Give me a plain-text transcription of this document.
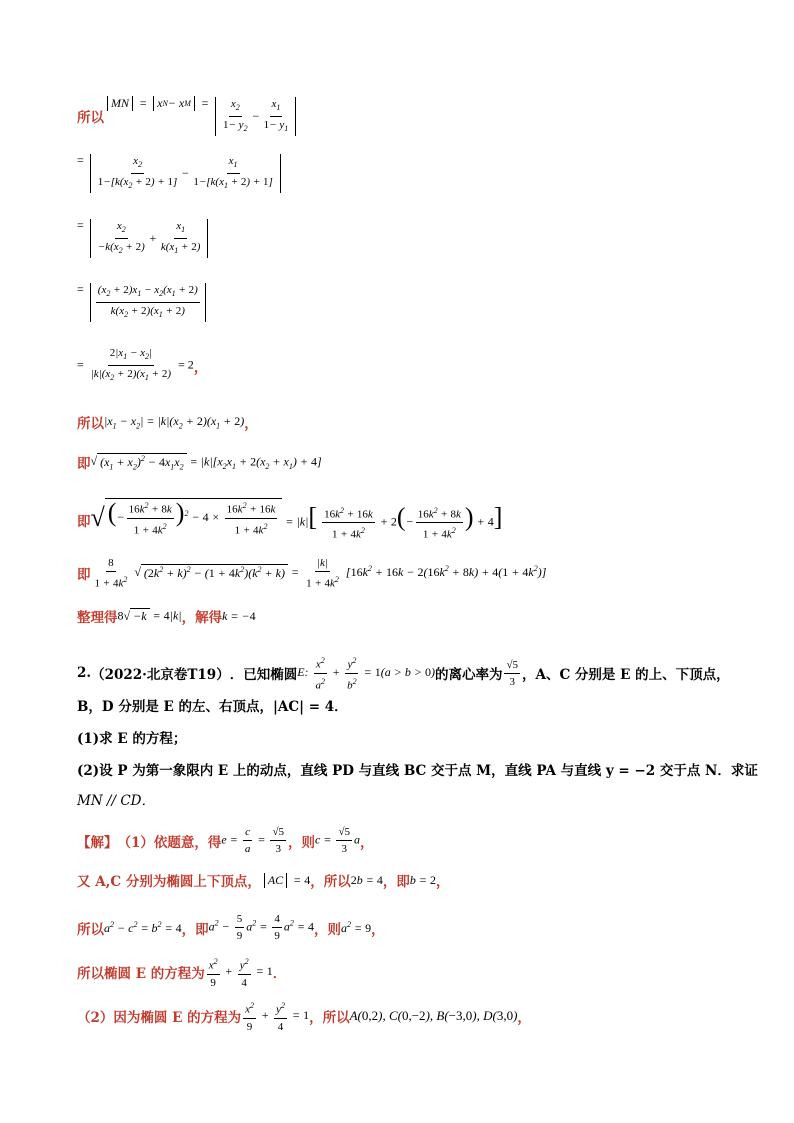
所以
MN = x N − x $M = \frac{x_2}{1- y_2} - \frac{x_1}{1- y_1}$
= $\frac{x_2}{1-[k(x_2 + 2) + 1]} - \frac{x_1}{1-[k(x_1 + 2) + 1]}$
= $\frac{x_2}{-k(x_2 + 2)} + \frac{x_1}{k(x_1 + 2)}$
= $\frac{(x_2 + 2)x_1 - x_2(x_1 + 2)}{k(x_2 + 2)(x_1 + 2)}$
= $\frac{2|x_1 - x_2|}{|k|(x_2 + 2)(x_1 + 2)} = 2$ ，
所以 $|x_1 - x_2| = |k|(x_2 + 2)(x_1 + 2)$ ，
即 √ $(x_1 + x_2)^2 - 4x_1x_2 = |k|[x_2x_1 + 2(x_2 + x_1) + 4]$
即 √ (− $\frac{16k^2 + 8k}{1 + 4k^2} )^2 - 4 \times \frac{16k^2 + 16k}{1 + 4k^2} = |k|[ \frac{16k^2 + 16k}{1 + 4k^2} + 2(- \frac{16k^2 + 8k}{1 + 4k^2}$ ) + 4]
即 $\frac{8}{1 + 4k^2}$
√ $(2k^2 + k)^2 - (1 + 4k^2)(k^2 + k) = \frac{|k|}{1 + 4k^2} [16k^2 + 16k - 2(16k^2 + 8k) + 4(1 + 4k^2)]$
整理得 8 √ −k = 4|k| ，解得 k = −4
2. （2022·北京卷T19） ．已知椭圆 E: $\frac{x^2}{a^2} + \frac{y^2}{b^2} = 1(a > b > 0)$ 的离心率为 $\frac{√5}{3}$ ，A、C 分别是 E 的上、下顶点，
B，D 分别是 E 的左、右顶点，|AC| = 4．
(1)求 E 的方程；
(2)设 P 为第一象限内 E 上的动点，直线 PD 与直线 BC 交于点 M，直线 PA 与直线 y = −2 交于点 N．求证
MN // CD．
【解】 （1）依题意，得 $e = \frac{c}{a} = \frac{√5}{3}$ ，则 $c = \frac{√5}{3}$ a ，
又 A,C 分别为椭圆上下顶点， AC = 4 ，所以 2b = 4 ，即 b = 2 ，
所以 $a^2 - c^2 = b^2 = 4$ ，即 $a^2 - \frac{5}{9} a^2 = \frac{4}{9} a^2 = 4$ ，则 $a^2 = 9$ ，
所以椭圆 E 的方程为 $\frac{x^2}{9} + \frac{y^2}{4} = 1$ ．
（2）因为椭圆 E 的方程为 $\frac{x^2}{9} + \frac{y^2}{4} = 1$ ，所以 A(0,2), C(0,−2), B(−3,0), D(3,0) ，
